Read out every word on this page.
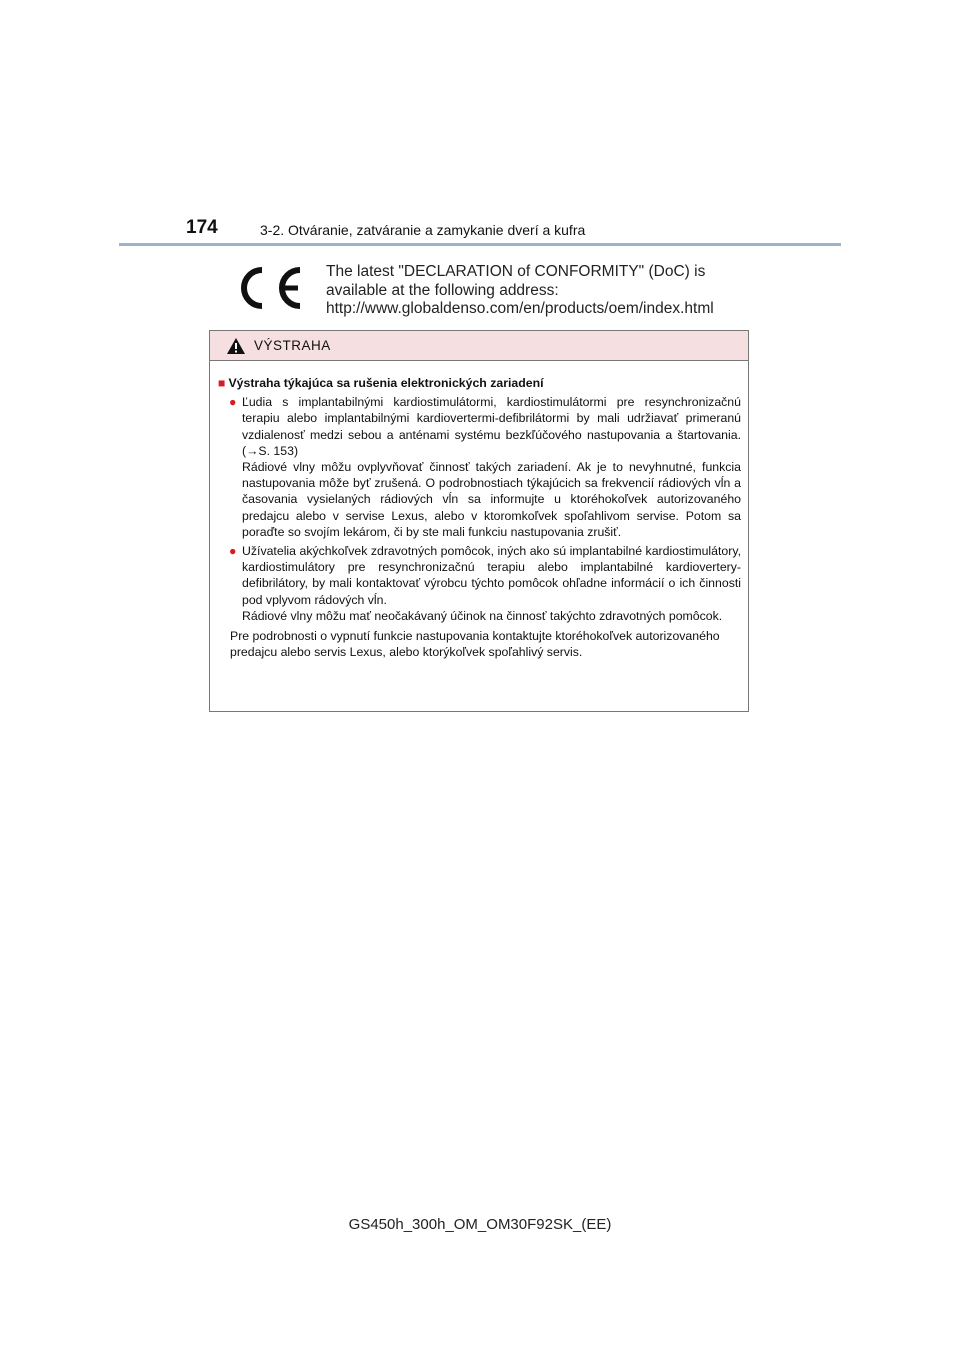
174	3-2. Otváranie, zatváranie a zamykanie dverí a kufra
The latest "DECLARATION of CONFORMITY" (DoC) is
available at the following address:
http://www.globaldenso.com/en/products/oem/index.html
VÝSTRAHA
■ Výstraha týkajúca sa rušenia elektronických zariadení
● Ľudia s implantabilnými kardiostimulátormi, kardiostimulátormi pre resynchronizačnú terapiu alebo implantabilnými kardiovertermi-defibrilátormi by mali udržiavať primeranú vzdialenosť medzi sebou a anténami systému bezkľúčového nastupovania a štartovania. (→S. 153)

Rádiové vlny môžu ovplyvňovať činnosť takých zariadení. Ak je to nevyhnutné, funkcia nastupovania môže byť zrušená. O podrobnostiach týkajúcich sa frekvencií rádiových vĺn a časovania vysielaných rádiových vĺn sa informujte u ktoréhokoľvek autorizovaného predajcu alebo v servise Lexus, alebo v ktoromkoľvek spoľahlivom servise. Potom sa poraďte so svojím lekárom, či by ste mali funkciu nastupovania zrušiť.

● Užívatelia akýchkoľvek zdravotných pomôcok, iných ako sú implantabilné kardiostimulátory, kardiostimulátory pre resynchronizačnú terapiu alebo implantabilné kardiovertery-defibrilátory, by mali kontaktovať výrobcu týchto pomôcok ohľadne informácií o ich činnosti pod vplyvom rádových vĺn.

Rádiové vlny môžu mať neočakávaný účinok na činnosť takýchto zdravotných pomôcok.

Pre podrobnosti o vypnutí funkcie nastupovania kontaktujte ktoréhokoľvek autorizovaného predajcu alebo servis Lexus, alebo ktorýkoľvek spoľahlivý servis.

GS450h_300h_OM_OM30F92SK_(EE)
